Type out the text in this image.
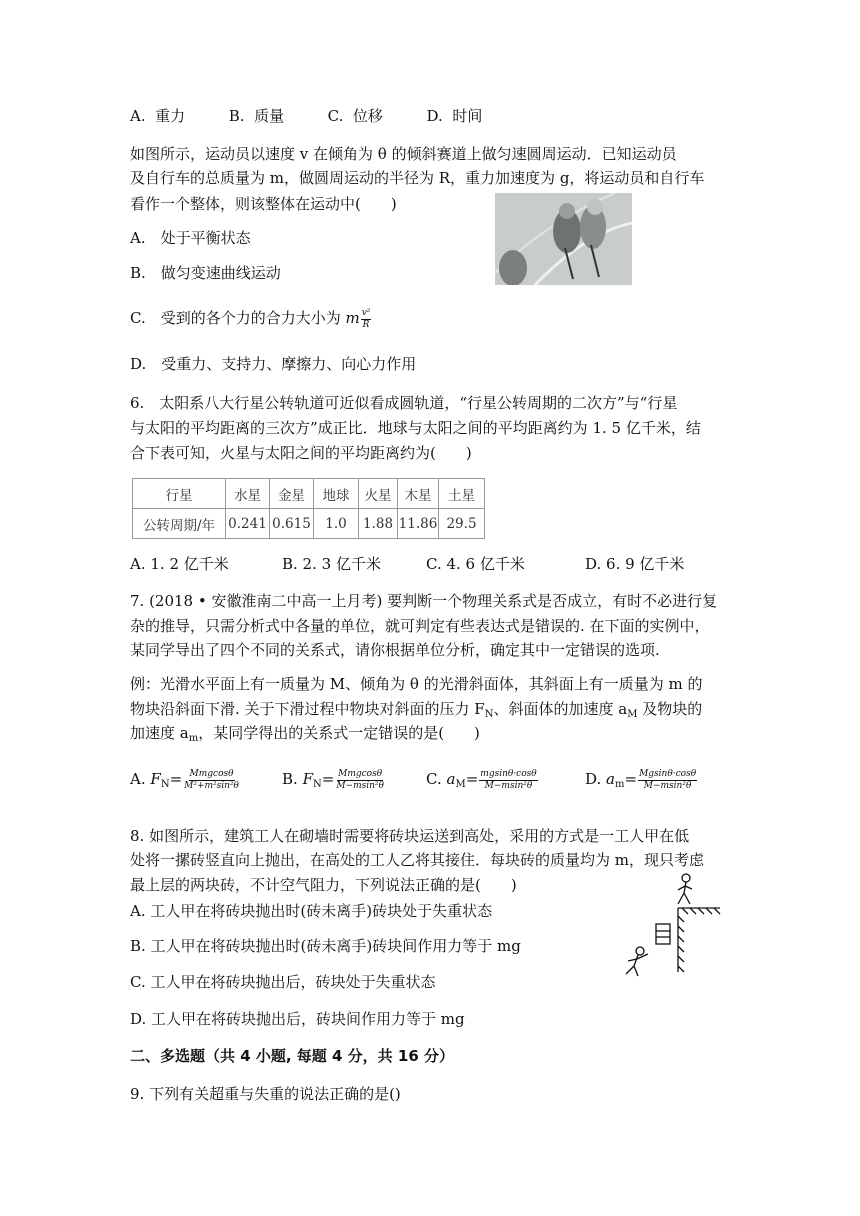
A. 重力	B. 质量	C. 位移	D. 时间
如图所示，运动员以速度 v 在倾角为 θ 的倾斜赛道上做匀速圆周运动．已知运动员
及自行车的总质量为 m，做圆周运动的半径为 R，重力加速度为 g，将运动员和自行车
看作一个整体，则该整体在运动中(　　)
A.　处于平衡状态
B.　做匀变速曲线运动
C.　受到的各个力的合力大小为 m $\frac{\text{v²}}{R}$
D.　受重力、支持力、摩擦力、向心力作用
6.　太阳系八大行星公转轨道可近似看成圆轨道，“行星公转周期的二次方”与“行星
与太阳的平均距离的三次方”成正比．地球与太阳之间的平均距离约为 1. 5 亿千米，结
合下表可知，火星与太阳之间的平均距离约为(　　)
行星	水星	金星	地球	火星	木星	土星
公转周期/年	0.241	0.615	1.0	1.88	11.86	29.5
A. 1. 2 亿千米	B. 2. 3 亿千米	C. 4. 6 亿千米	D. 6. 9 亿千米
7. (2018 • 安徽淮南二中高一上月考) 要判断一个物理关系式是否成立，有时不必进行复
杂的推导，只需分析式中各量的单位，就可判定有些表达式是错误的. 在下面的实例中，
某同学导出了四个不同的关系式，请你根据单位分析，确定其中一定错误的选项.
例：光滑水平面上有一质量为 M、倾角为 θ 的光滑斜面体，其斜面上有一质量为 m 的
物块沿斜面下滑. 关于下滑过程中物块对斜面的压力 $F_N$、斜面体的加速度 $a_M$ 及物块的
加速度 $a_m$，某同学得出的关系式一定错误的是(　　)
A. $F_N= \frac{\text{Mmgcosθ}}{\text{M²+m²sin²θ}}$	B. $F_N= \frac{\text{Mmgcosθ}}{\text{M−msin²θ}}$	C. $a_M= \frac{mgsin\theta\cdot\cos\theta}{\text{M−msin²θ}}$	D. $a_m= \frac{Mgsin\theta\cdot\cos\theta}{\text{M−msin²θ}}$
8. 如图所示，建筑工人在砌墙时需要将砖块运送到高处，采用的方式是一工人甲在低
处将一摞砖竖直向上抛出，在高处的工人乙将其接住．每块砖的质量均为 m，现只考虑
最上层的两块砖，不计空气阻力，下列说法正确的是(　　)
A. 工人甲在将砖块抛出时(砖未离手)砖块处于失重状态
B. 工人甲在将砖块抛出时(砖未离手)砖块间作用力等于 mg
C. 工人甲在将砖块抛出后，砖块处于失重状态
D. 工人甲在将砖块抛出后，砖块间作用力等于 mg
二、多选题（共 4 小题, 每题 4 分，共 16 分）
9. 下列有关超重与失重的说法正确的是()
